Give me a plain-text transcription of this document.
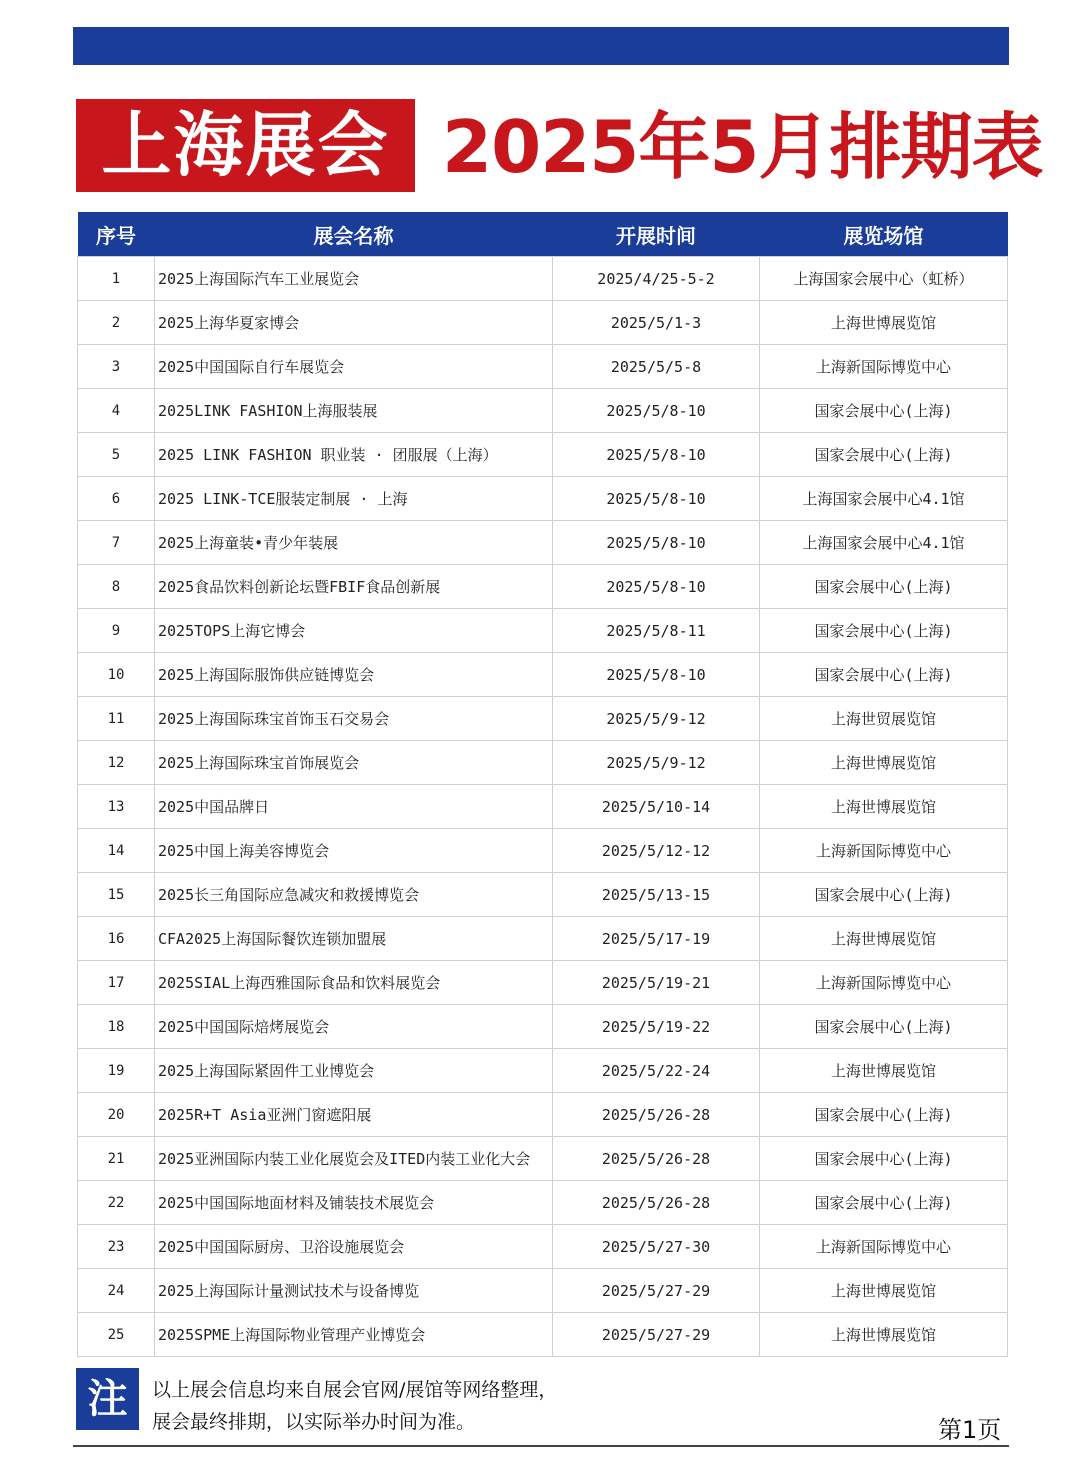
上海展会 2025年5月排期表
序号	展会名称	开展时间	展览场馆
1	2025上海国际汽车工业展览会	2025/4/25-5-2	上海国家会展中心（虹桥）
2	2025上海华夏家博会	2025/5/1-3	上海世博展览馆
3	2025中国国际自行车展览会	2025/5/5-8	上海新国际博览中心
4	2025LINK FASHION上海服装展	2025/5/8-10	国家会展中心(上海)
5	2025 LINK FASHION 职业装 · 团服展（上海）	2025/5/8-10	国家会展中心(上海)
6	2025 LINK-TCE服装定制展 · 上海	2025/5/8-10	上海国家会展中心4.1馆
7	2025上海童装•青少年装展	2025/5/8-10	上海国家会展中心4.1馆
8	2025食品饮料创新论坛暨FBIF食品创新展	2025/5/8-10	国家会展中心(上海)
9	2025TOPS上海它博会	2025/5/8-11	国家会展中心(上海)
10	2025上海国际服饰供应链博览会	2025/5/8-10	国家会展中心(上海)
11	2025上海国际珠宝首饰玉石交易会	2025/5/9-12	上海世贸展览馆
12	2025上海国际珠宝首饰展览会	2025/5/9-12	上海世博展览馆
13	2025中国品牌日	2025/5/10-14	上海世博展览馆
14	2025中国上海美容博览会	2025/5/12-12	上海新国际博览中心
15	2025长三角国际应急减灾和救援博览会	2025/5/13-15	国家会展中心(上海)
16	CFA2025上海国际餐饮连锁加盟展	2025/5/17-19	上海世博展览馆
17	2025SIAL上海西雅国际食品和饮料展览会	2025/5/19-21	上海新国际博览中心
18	2025中国国际焙烤展览会	2025/5/19-22	国家会展中心(上海)
19	2025上海国际紧固件工业博览会	2025/5/22-24	上海世博展览馆
20	2025R+T Asia亚洲门窗遮阳展	2025/5/26-28	国家会展中心(上海)
21	2025亚洲国际内装工业化展览会及ITED内装工业化大会	2025/5/26-28	国家会展中心(上海)
22	2025中国国际地面材料及铺装技术展览会	2025/5/26-28	国家会展中心(上海)
23	2025中国国际厨房、卫浴设施展览会	2025/5/27-30	上海新国际博览中心
24	2025上海国际计量测试技术与设备博览	2025/5/27-29	上海世博展览馆
25	2025SPME上海国际物业管理产业博览会	2025/5/27-29	上海世博展览馆
注	以上展会信息均来自展会官网/展馆等网络整理，
展会最终排期，以实际举办时间为准。	第1页
